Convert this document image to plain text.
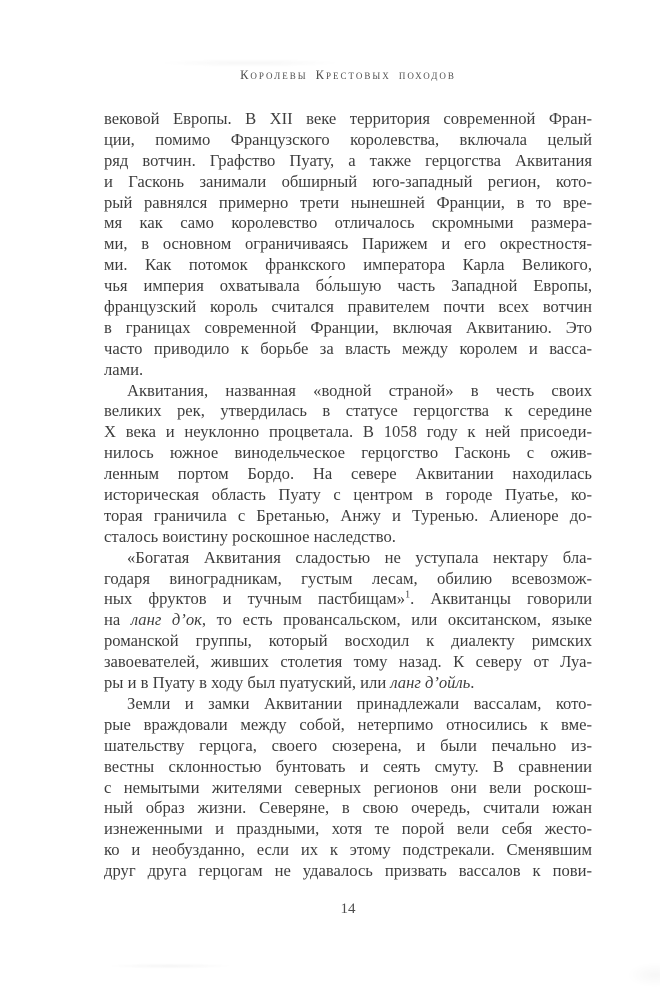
Королевы Крестовых походов
вековой Европы. В XII веке территория современной Фран-
ции, помимо Французского королевства, включала целый
ряд вотчин. Графство Пуату, а также герцогства Аквитания
и Гасконь занимали обширный юго-западный регион, кото-
рый равнялся примерно трети нынешней Франции, в то вре-
мя как само королевство отличалось скромными размера-
ми, в основном ограничиваясь Парижем и его окрестностя-
ми. Как потомок франкского императора Карла Великого,
чья империя охватывала бо́льшую часть Западной Европы,
французский король считался правителем почти всех вотчин
в границах современной Франции, включая Аквитанию. Это
часто приводило к борьбе за власть между королем и васса-
лами.
Аквитания, названная «водной страной» в честь своих
великих рек, утвердилась в статусе герцогства к середине
X века и неуклонно процветала. В 1058 году к ней присоеди-
нилось южное винодельческое герцогство Гасконь с ожив-
ленным портом Бордо. На севере Аквитании находилась
историческая область Пуату с центром в городе Пуатье, ко-
торая граничила с Бретанью, Анжу и Туренью. Алиеноре до-
сталось воистину роскошное наследство.
«Богатая Аквитания сладостью не уступала нектару бла-
годаря виноградникам, густым лесам, обилию всевозмож-
ных фруктов и тучным пастбищам»$^1$. Аквитанцы говорили
на ланг д’ок, то есть провансальском, или окситанском, языке
романской группы, который восходил к диалекту римских
завоевателей, живших столетия тому назад. К северу от Луа-
ры и в Пуату в ходу был пуатуский, или ланг д’ойль.
Земли и замки Аквитании принадлежали вассалам, кото-
рые враждовали между собой, нетерпимо относились к вме-
шательству герцога, своего сюзерена, и были печально из-
вестны склонностью бунтовать и сеять смуту. В сравнении
с немытыми жителями северных регионов они вели роскош-
ный образ жизни. Северяне, в свою очередь, считали южан
изнеженными и праздными, хотя те порой вели себя жесто-
ко и необузданно, если их к этому подстрекали. Сменявшим
друг друга герцогам не удавалось призвать вассалов к пови-
14
